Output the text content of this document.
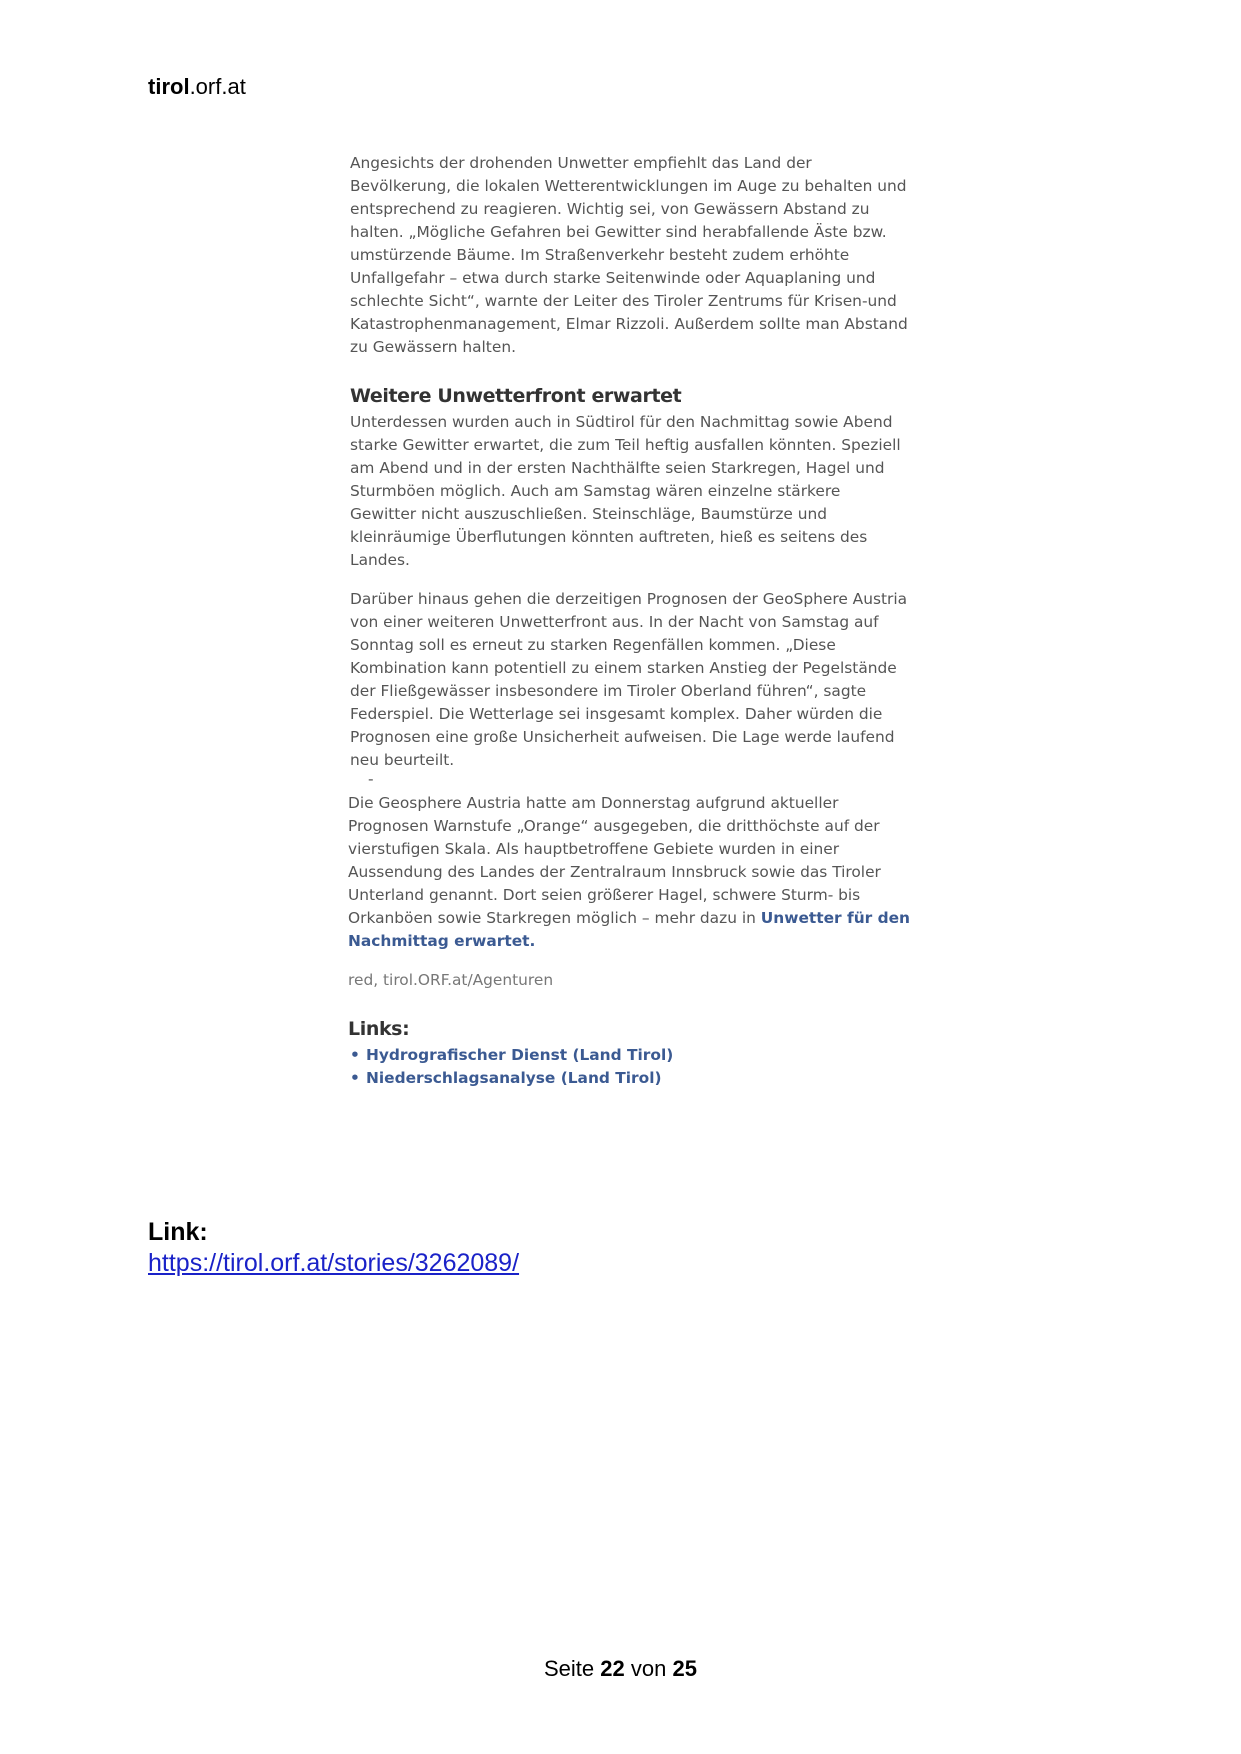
tirol.orf.at

Angesichts der drohenden Unwetter empfiehlt das Land der Bevölkerung, die lokalen Wetterentwicklungen im Auge zu behalten und entsprechend zu reagieren. Wichtig sei, von Gewässern Abstand zu halten. „Mögliche Gefahren bei Gewitter sind herabfallende Äste bzw. umstürzende Bäume. Im Straßenverkehr besteht zudem erhöhte Unfallgefahr – etwa durch starke Seitenwinde oder Aquaplaning und schlechte Sicht“, warnte der Leiter des Tiroler Zentrums für Krisen-und Katastrophenmanagement, Elmar Rizzoli. Außerdem sollte man Abstand zu Gewässern halten.

Weitere Unwetterfront erwartet

Unterdessen wurden auch in Südtirol für den Nachmittag sowie Abend starke Gewitter erwartet, die zum Teil heftig ausfallen könnten. Speziell am Abend und in der ersten Nachthälfte seien Starkregen, Hagel und Sturmböen möglich. Auch am Samstag wären einzelne stärkere Gewitter nicht auszuschließen. Steinschläge, Baumstürze und kleinräumige Überflutungen könnten auftreten, hieß es seitens des Landes.

Darüber hinaus gehen die derzeitigen Prognosen der GeoSphere Austria von einer weiteren Unwetterfront aus. In der Nacht von Samstag auf Sonntag soll es erneut zu starken Regenfällen kommen. „Diese Kombination kann potentiell zu einem starken Anstieg der Pegelstände der Fließgewässer insbesondere im Tiroler Oberland führen“, sagte Federspiel. Die Wetterlage sei insgesamt komplex. Daher würden die Prognosen eine große Unsicherheit aufweisen. Die Lage werde laufend neu beurteilt.

-

Die Geosphere Austria hatte am Donnerstag aufgrund aktueller Prognosen Warnstufe „Orange“ ausgegeben, die dritthöchste auf der vierstufigen Skala. Als hauptbetroffene Gebiete wurden in einer Aussendung des Landes der Zentralraum Innsbruck sowie das Tiroler Unterland genannt. Dort seien größerer Hagel, schwere Sturm- bis Orkanböen sowie Starkregen möglich – mehr dazu in Unwetter für den Nachmittag erwartet.

red, tirol.ORF.at/Agenturen

Links:
• Hydrografischer Dienst (Land Tirol)
• Niederschlagsanalyse (Land Tirol)
Link:
https://tirol.orf.at/stories/3262089/
Seite 22 von 25
